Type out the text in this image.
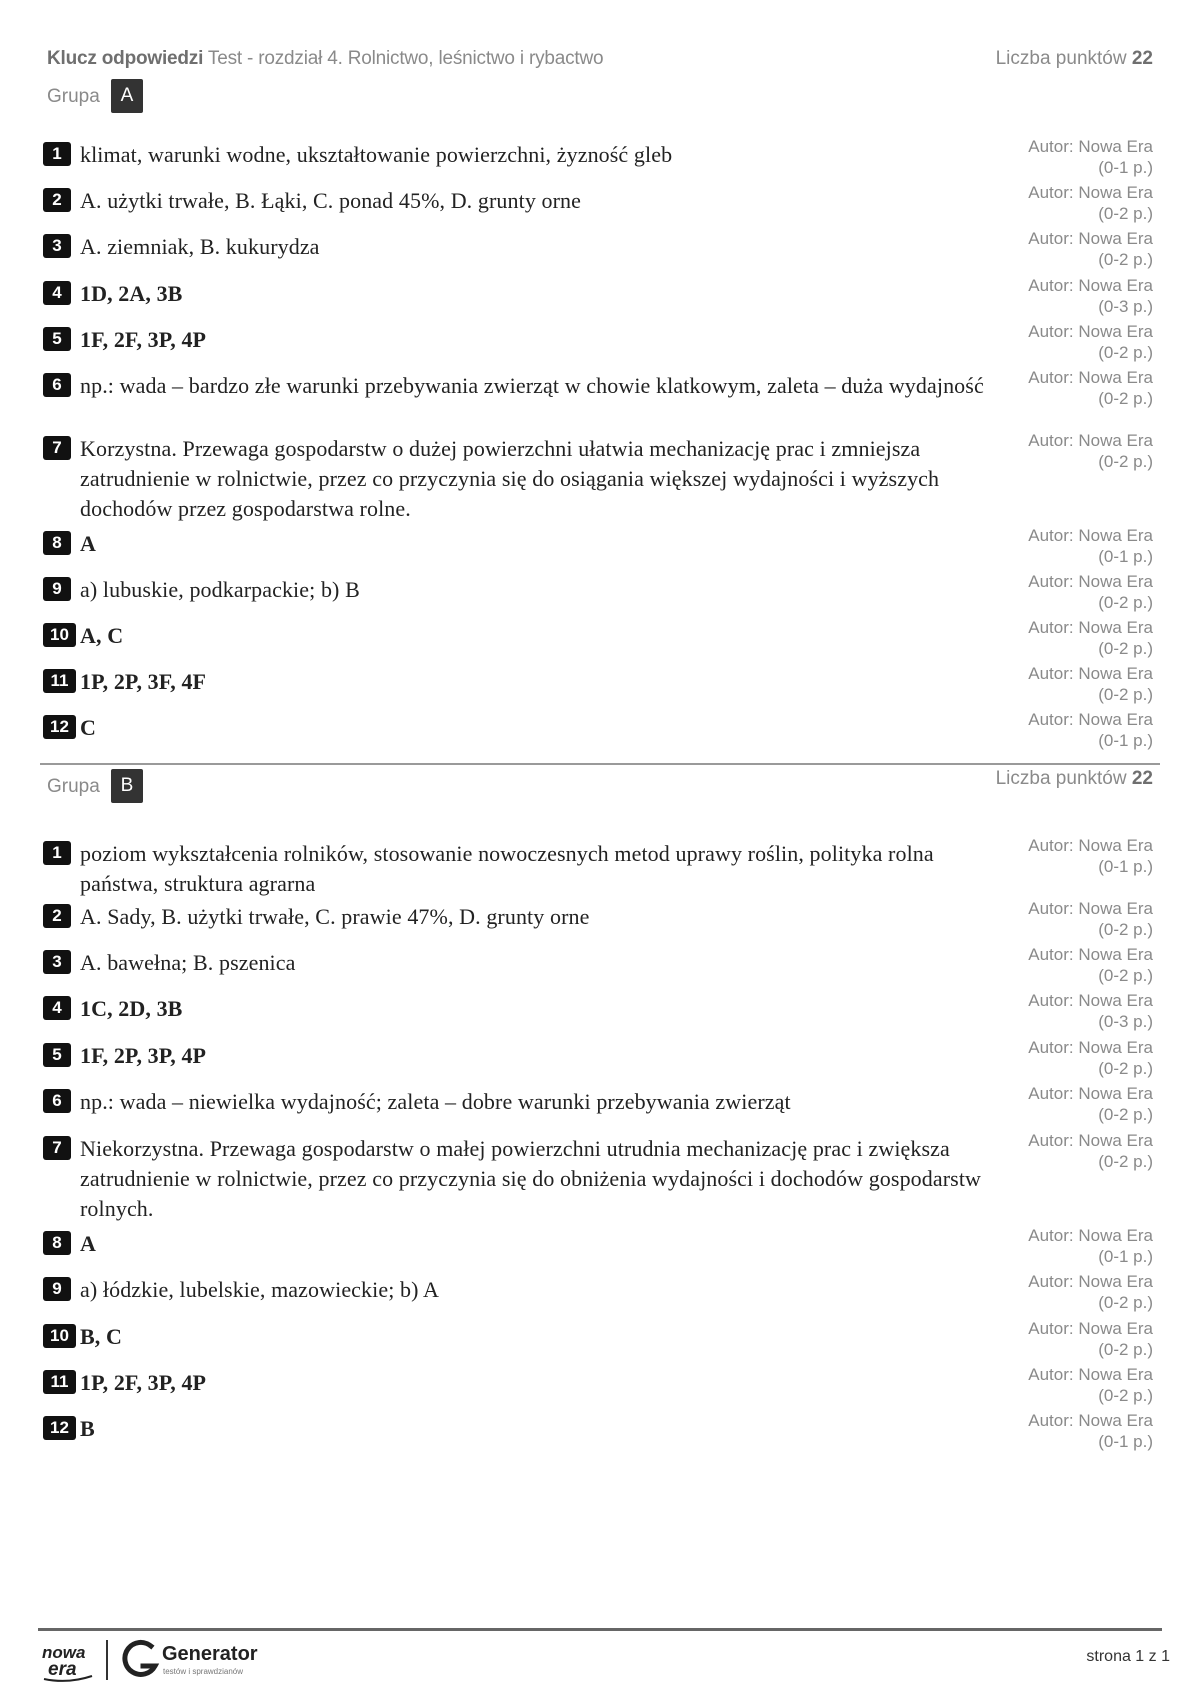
Klucz odpowiedzi Test - rozdział 4. Rolnictwo, leśnictwo i rybactwo	Liczba punktów 22
Grupa	A
1 klimat, warunki wodne, ukształtowanie powierzchni, żyzność gleb	Autor: Nowa Era
(0-1 p.)
2 A. użytki trwałe, B. Łąki, C. ponad 45%, D. grunty orne	Autor: Nowa Era
(0-2 p.)
3 A. ziemniak, B. kukurydza	Autor: Nowa Era
(0-2 p.)
4 1D, 2A, 3B	Autor: Nowa Era
(0-3 p.)
5 1F, 2F, 3P, 4P	Autor: Nowa Era
(0-2 p.)
6 np.: wada – bardzo złe warunki przebywania zwierząt w chowie klatkowym, zaleta – duża wydajność	Autor: Nowa Era
(0-2 p.)
7 Korzystna. Przewaga gospodarstw o dużej powierzchni ułatwia mechanizację prac i zmniejsza zatrudnienie w rolnictwie, przez co przyczynia się do osiągania większej wydajności i wyższych dochodów przez gospodarstwa rolne.
Autor: Nowa Era
(0-2 p.)
8 A	Autor: Nowa Era
(0-1 p.)
9 a) lubuskie, podkarpackie; b) B	Autor: Nowa Era
(0-2 p.)
10 A, C	Autor: Nowa Era
(0-2 p.)
11 1P, 2P, 3F, 4F	Autor: Nowa Era
(0-2 p.)
12 C	Autor: Nowa Era
(0-1 p.)
Grupa	B	Liczba punktów 22
1 poziom wykształcenia rolników, stosowanie nowoczesnych metod uprawy roślin, polityka rolna państwa, struktura agrarna
Autor: Nowa Era
(0-1 p.)
2 A. Sady, B. użytki trwałe, C. prawie 47%, D. grunty orne	Autor: Nowa Era
(0-2 p.)
3 A. bawełna; B. pszenica	Autor: Nowa Era
(0-2 p.)
4 1C, 2D, 3B	Autor: Nowa Era
(0-3 p.)
5 1F, 2P, 3P, 4P	Autor: Nowa Era
(0-2 p.)
6 np.: wada – niewielka wydajność; zaleta – dobre warunki przebywania zwierząt	Autor: Nowa Era
(0-2 p.)
7 Niekorzystna. Przewaga gospodarstw o małej powierzchni utrudnia mechanizację prac i zwiększa zatrudnienie w rolnictwie, przez co przyczynia się do obniżenia wydajności i dochodów gospodarstw rolnych.
Autor: Nowa Era
(0-2 p.)
8 A	Autor: Nowa Era
(0-1 p.)
9 a) łódzkie, lubelskie, mazowieckie; b) A	Autor: Nowa Era
(0-2 p.)
10 B, C	Autor: Nowa Era
(0-2 p.)
11 1P, 2F, 3P, 4P	Autor: Nowa Era
(0-2 p.)
12 B	Autor: Nowa Era
(0-1 p.)
nowa
era
Generator
testów i sprawdzianów
strona 1 z 1
